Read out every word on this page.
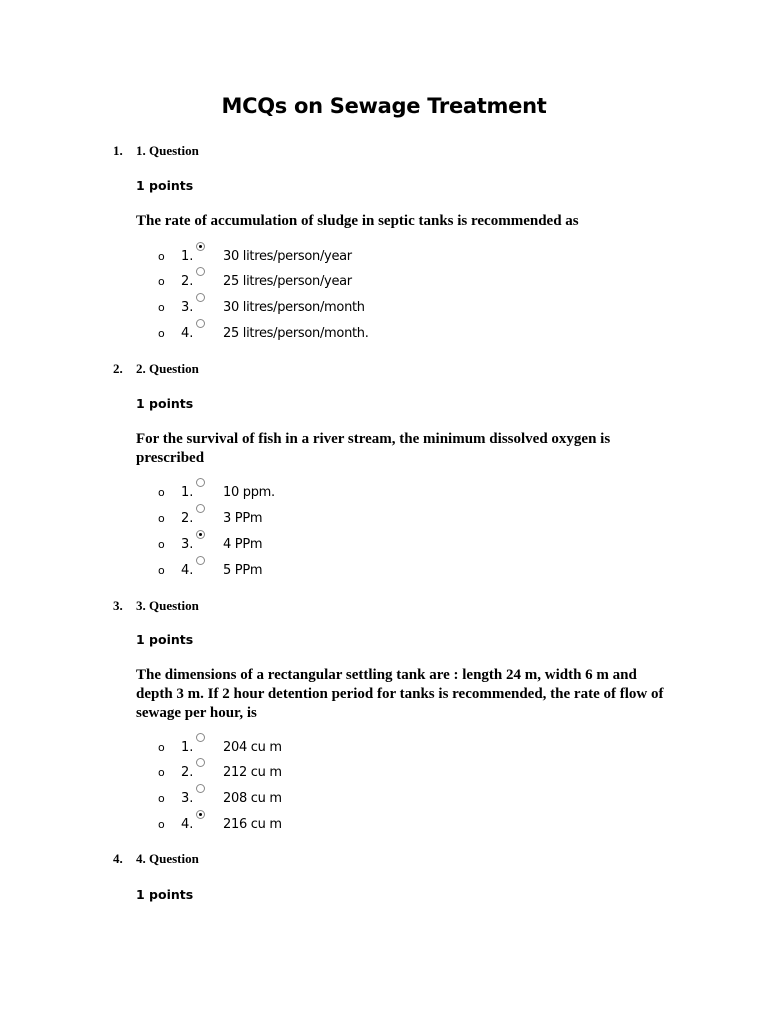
MCQs on Sewage Treatment
1. 1. Question
1 points
The rate of accumulation of sludge in septic tanks is recommended as
o 1. 30 litres/person/year
o 2. 25 litres/person/year
o 3. 30 litres/person/month
o 4. 25 litres/person/month.
2. 2. Question
1 points
For the survival of fish in a river stream, the minimum dissolved oxygen is prescribed
o 1. 10 ppm.
o 2. 3 PPm
o 3. 4 PPm
o 4. 5 PPm
3. 3. Question
1 points
The dimensions of a rectangular settling tank are : length 24 m, width 6 m and depth 3 m. If 2 hour detention period for tanks is recommended, the rate of flow of sewage per hour, is
o 1. 204 cu m
o 2. 212 cu m
o 3. 208 cu m
o 4. 216 cu m
4. 4. Question
1 points
